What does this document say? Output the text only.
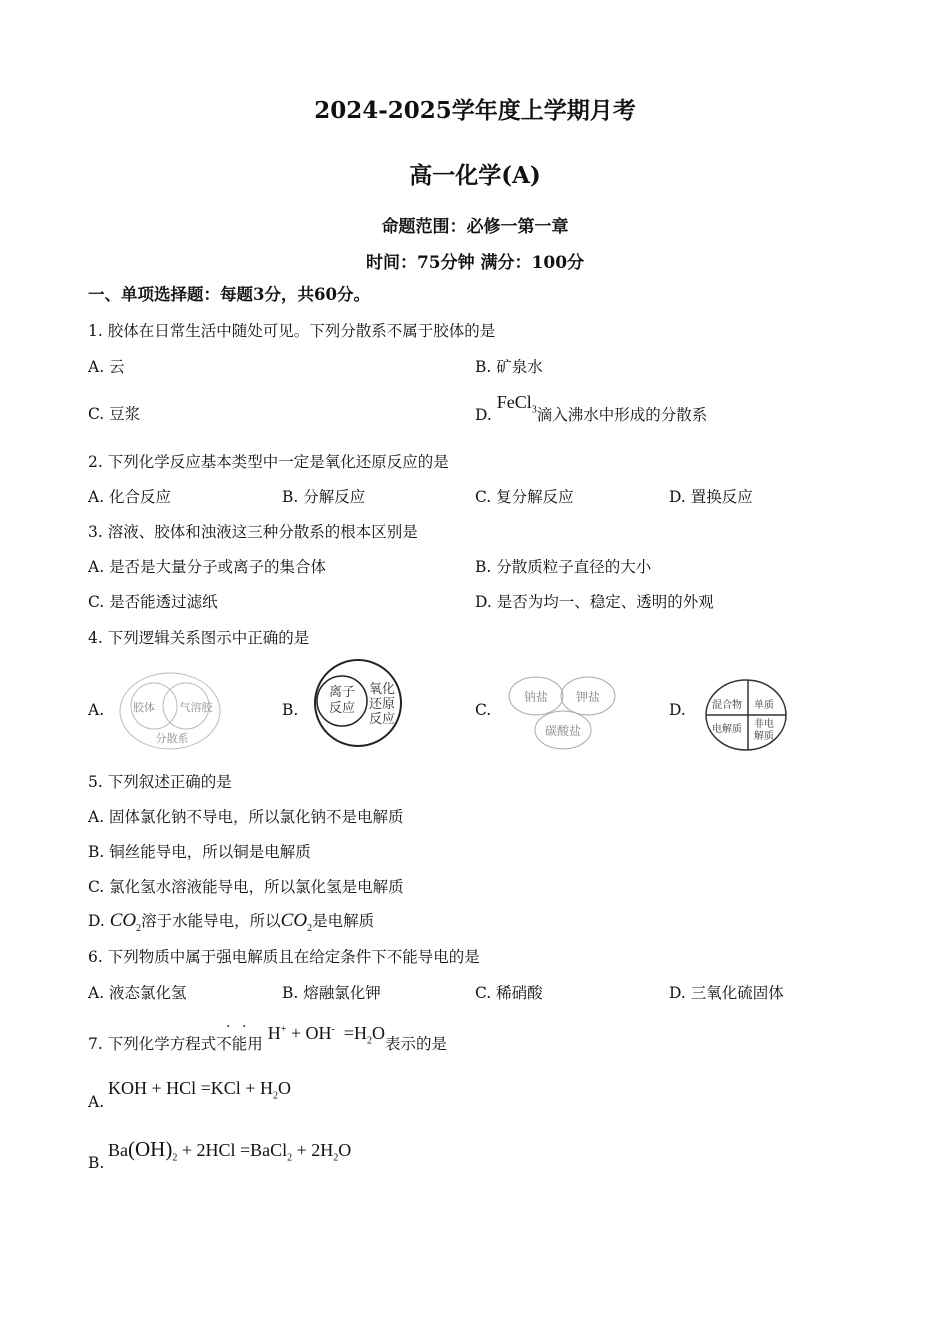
2024-2025学年度上学期月考
高一化学(A)
命题范围：必修一第一章
时间：75分钟 满分：100分
一、单项选择题：每题3分，共60分。
1. 胶体在日常生活中随处可见。下列分散系不属于胶体的是
A. 云	B. 矿泉水
C. 豆浆	D. FeCl$_3$滴入沸水中形成的分散系
2. 下列化学反应基本类型中一定是氧化还原反应的是
A. 化合反应	B. 分解反应	C. 复分解反应	D. 置换反应
3. 溶液、胶体和浊液这三种分散系的根本区别是
A. 是否是大量分子或离子的集合体	B. 分散质粒子直径的大小
C. 是否能透过滤纸	D. 是否为均一、稳定、透明的外观
4. 下列逻辑关系图示中正确的是
A.	B.	C.	D.
胶体 气溶胶
分散系
离子
反应
氧化
还原
反应
钠盐 钾盐
碳酸盐
混合物 单质
电解质 非电
解质
5. 下列叙述正确的是
A. 固体氯化钠不导电，所以氯化钠不是电解质
B. 铜丝能导电，所以铜是电解质
C. 氯化氢水溶液能导电，所以氯化氢是电解质
D. $CO_2$溶于水能导电，所以$CO_2$是电解质
6. 下列物质中属于强电解质且在给定条件下不能导电的是
A. 液态氯化氢	B. 熔融氯化钾	C. 稀硝酸	D. 三氧化硫固体
· ·
7. 下列化学方程式不能用 $H^+ + OH^- =H_2O$表示的是
A.
KOH + HCl $=KCl + H_2O$
B.
$Ba(OH)_2 + 2HCl$ =BaCl$_2$ + $2H_2O$
